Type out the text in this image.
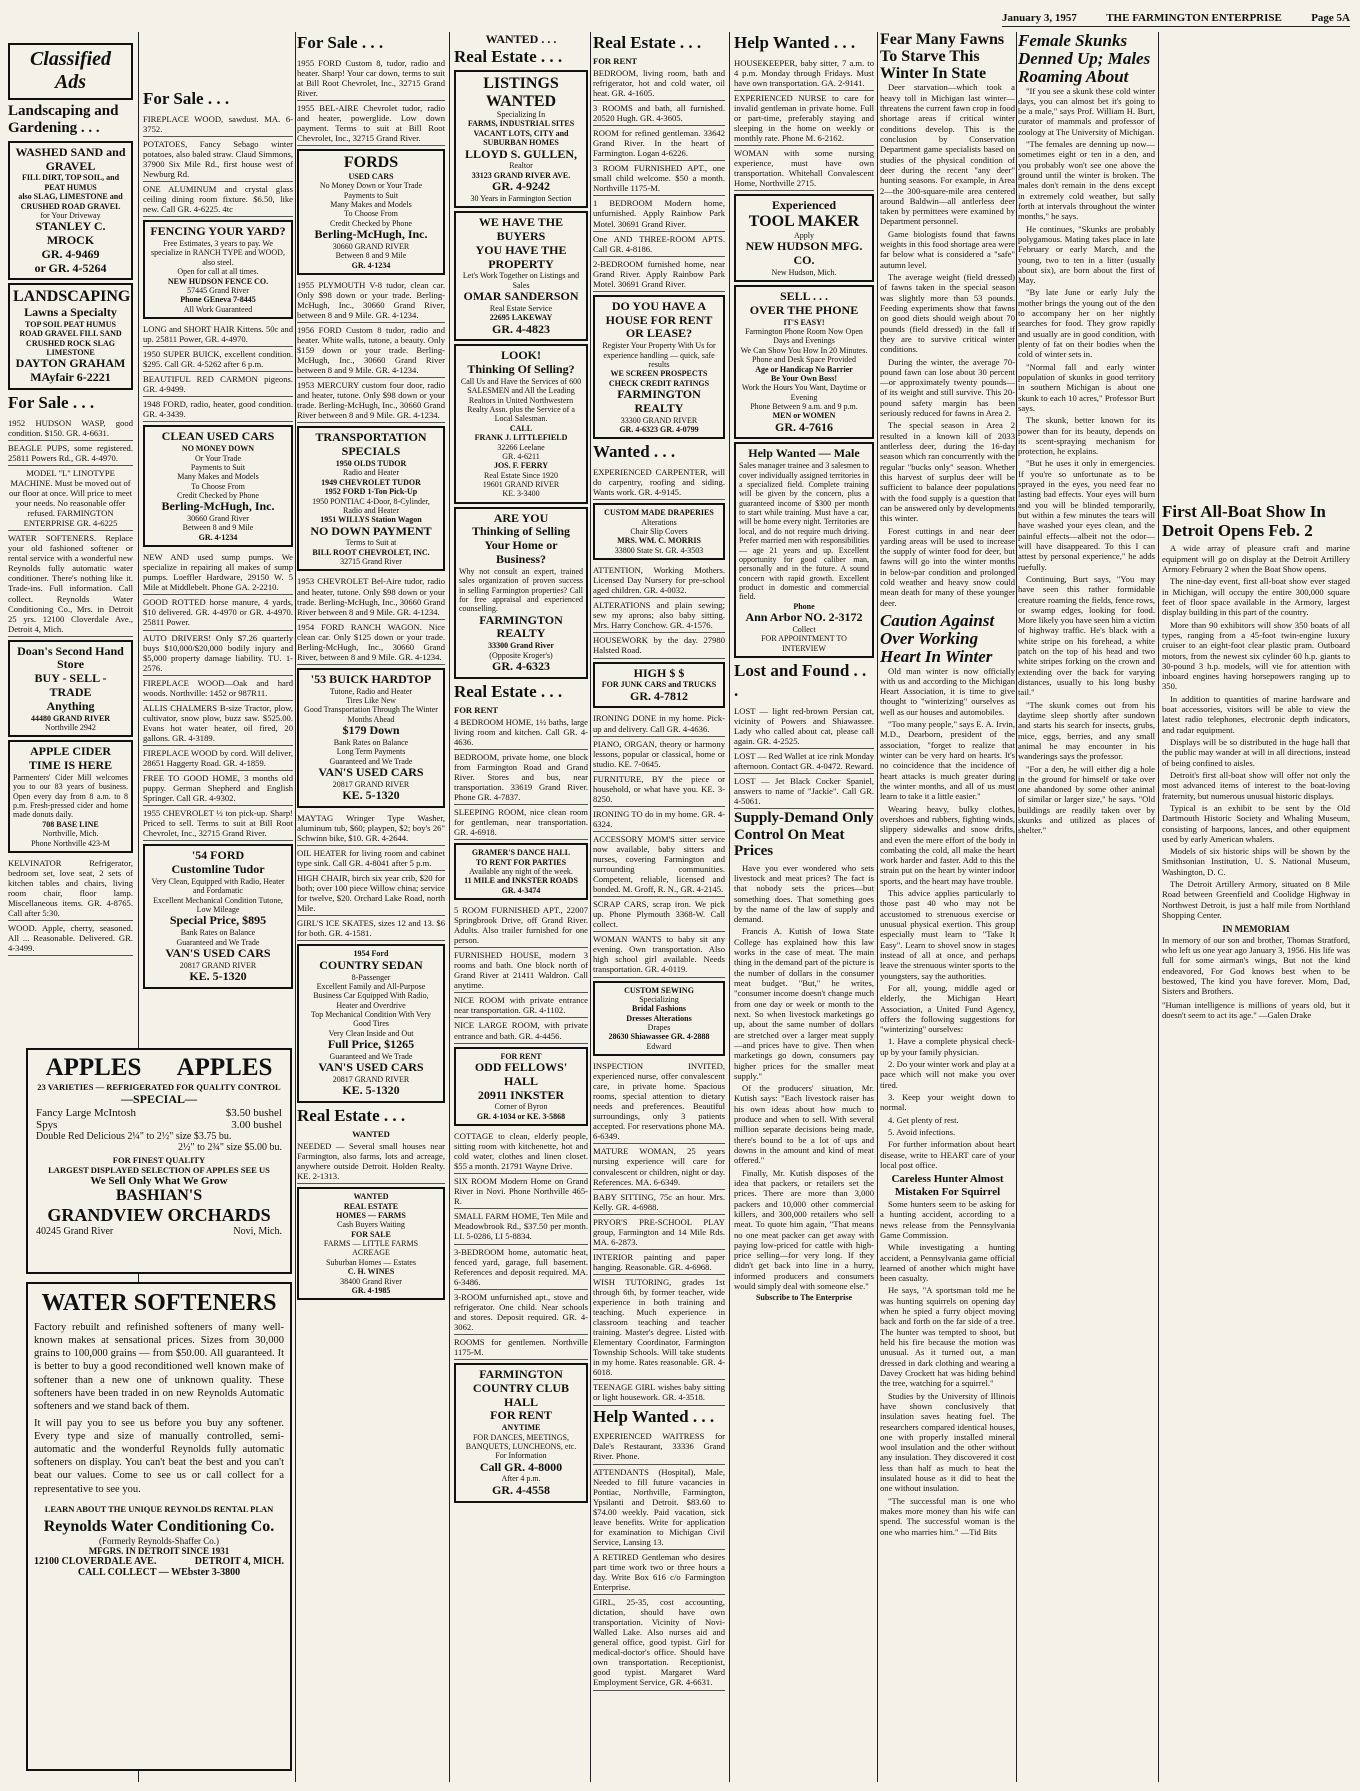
January 3, 1957	THE FARMINGTON ENTERPRISE	Page 5A
Classified Ads
Landscaping and Gardening . . .
WASHED SAND and GRAVEL
FILL DIRT, TOP SOIL, and PEAT HUMUS
also SLAG, LIMESTONE and CRUSHED ROAD GRAVEL
for Your Driveway
STANLEY C. MROCK
GR. 4-9469
or GR. 4-5264
LANDSCAPING
Lawns a Specialty
TOP SOIL PEAT HUMUS
ROAD GRAVEL FILL SAND
CRUSHED ROCK SLAG
LIMESTONE
DAYTON GRAHAM
MAyfair 6-2221
For Sale . . .
1952 HUDSON WASP, good condition. $150. GR. 4-6631.
BEAGLE PUPS, some registered. 25811 Powers Rd., GR. 4-4970.
MODEL "L" LINOTYPE MACHINE. Must be moved out of our floor at once. Will price to meet your needs. No reasonable offer refused. FARMINGTON ENTERPRISE GR. 4-6225
WATER SOFTENERS. Replace your old fashioned softener or rental service with a wonderful new Reynolds fully automatic water conditioner. There's nothing like it. Trade-ins. Full information. Call collect. Reynolds Water Conditioning Co., Mrs. in Detroit 25 yrs. 12100 Cloverdale Ave., Detroit 4, Mich.
Doan's Second Hand Store
BUY - SELL - TRADE
Anything
44480 GRAND RIVER
Northville 2942
APPLE CIDER TIME IS HERE
Parmenters' Cider Mill welcomes you to our 83 years of business. Open every day from 8 a.m. to 8 p.m. Fresh-pressed cider and home made donuts daily.
708 BASE LINE
Northville, Mich.
Phone Northville 423-M
KELVINATOR Refrigerator, bedroom set, love seat, 2 sets of kitchen tables and chairs, living room chair, floor lamp. Miscellaneous items. GR. 4-8765. Call after 5:30.
WOOD. Apple, cherry, seasoned. All ... Reasonable. Delivered. GR. 4-3499.
For Sale . . .
FIREPLACE WOOD, sawdust. MA. 6-3752.
POTATOES, Fancy Sebago winter potatoes, also baled straw. Claud Simmons, 37900 Six Mile Rd., first house west of Newburg Rd.
ONE ALUMINUM and crystal glass ceiling dining room fixture. $6.50, like new. Call GR. 4-6225. 4tc
FENCING YOUR YARD?
Free Estimates, 3 years to pay. We specialize in RANCH TYPE and WOOD, also steel.
Open for call at all times.
NEW HUDSON FENCE CO.
57445 Grand River
Phone GEneva 7-8445
All Work Guaranteed
LONG and SHORT HAIR Kittens. 50c and up. 25811 Power, GR. 4-4970.
1950 SUPER BUICK, excellent condition. $295. Call GR. 4-5262 after 6 p.m.
BEAUTIFUL RED CARMON pigeons. GR. 4-9499.
1948 FORD, radio, heater, good condition. GR. 4-3439.
CLEAN USED CARS
NO MONEY DOWN
Or Your Trade
Payments to Suit
Many Makes and Models
To Choose From
Credit Checked by Phone
Berling-McHugh, Inc.
30660 Grand River
Between 8 and 9 Mile
GR. 4-1234
NEW AND used sump pumps. We specialize in repairing all makes of sump pumps. Loeffler Hardware, 29150 W. 5 Mile at Middlebelt. Phone GA. 2-2210.
GOOD ROTTED horse manure, 4 yards, $10 delivered. GR. 4-4970 or GR. 4-4970. 25811 Power.
AUTO DRIVERS! Only $7.26 quarterly buys $10,000/$20,000 bodily injury and $5,000 property damage liability. TU. 1-2576.
FIREPLACE WOOD—Oak and hard woods. Northville: 1452 or 987R11.
ALLIS CHALMERS B-size Tractor, plow, cultivator, snow plow, buzz saw. $525.00. Evans hot water heater, oil fired, 20 gallons. GR. 4-3189.
FIREPLACE WOOD by cord. Will deliver, 28651 Haggerty Road. GR. 4-1859.
FREE TO GOOD HOME, 3 months old puppy. German Shepherd and English Springer. Call GR. 4-9302.
1955 CHEVROLET ½ ton pick-up. Sharp! Priced to sell. Terms to suit at Bill Root Chevrolet, Inc., 32715 Grand River.
'54 FORD
Customline Tudor
Very Clean, Equipped with Radio, Heater and Fordamatic
Excellent Mechanical Condition Tutone, Low Mileage
Special Price, $895
Bank Rates on Balance
Guaranteed and We Trade
VAN'S USED CARS
20817 GRAND RIVER
KE. 5-1320
For Sale . . .
1955 FORD Custom 8, tudor, radio and heater. Sharp! Your car down, terms to suit at Bill Root Chevrolet, Inc., 32715 Grand River.
1955 BEL-AIRE Chevrolet tudor, radio and heater, powerglide. Low down payment. Terms to suit at Bill Root Chevrolet, Inc., 32715 Grand River.
FORDS
USED CARS
No Money Down or Your Trade
Payments to Suit
Many Makes and Models
To Choose From
Credit Checked by Phone
Berling-McHugh, Inc.
30660 GRAND RIVER
Between 8 and 9 Mile
GR. 4-1234
1955 PLYMOUTH V-8 tudor, clean car. Only $98 down or your trade. Berling-McHugh, Inc., 30660 Grand River, between 8 and 9 Mile. GR. 4-1234.
1956 FORD Custom 8 tudor, radio and heater. White walls, tutone, a beauty. Only $159 down or your trade. Berling-McHugh, Inc., 30660 Grand River between 8 and 9 Mile. GR. 4-1234.
1953 MERCURY custom four door, radio and heater, tutone. Only $98 down or your trade. Berling-McHugh, Inc., 30660 Grand River between 8 and 9 Mile. GR. 4-1234.
TRANSPORTATION SPECIALS
1950 OLDS TUDOR
Radio and Heater
1949 CHEVROLET TUDOR
1952 FORD 1-Ton Pick-Up
1950 PONTIAC 4-Door, 8-Cylinder, Radio and Heater
1951 WILLYS Station Wagon
NO DOWN PAYMENT
Terms to Suit at
BILL ROOT CHEVROLET, INC.
32715 Grand River
1953 CHEVROLET Bel-Aire tudor, radio and heater, tutone. Only $98 down or your trade. Berling-McHugh, Inc., 30660 Grand River between 8 and 9 Mile. GR. 4-1234.
1954 FORD RANCH WAGON. Nice clean car. Only $125 down or your trade. Berling-McHugh, Inc., 30660 Grand River, between 8 and 9 Mile. GR. 4-1234.
'53 BUICK HARDTOP
Tutone, Radio and Heater
Tires Like New
Good Transportation Through The Winter Months Ahead
$179 Down
Bank Rates on Balance
Long Term Payments
Guaranteed and We Trade
VAN'S USED CARS
20817 GRAND RIVER
KE. 5-1320
MAYTAG Wringer Type Washer, aluminum tub, $60; playpen, $2; boy's 26" Schwinn bike, $10. GR. 4-2644.
OIL HEATER for living room and cabinet type sink. Call GR. 4-8041 after 5 p.m.
HIGH CHAIR, birch six year crib, $20 for both; over 100 piece Willow china; service for twelve, $20. Orchard Lake Road, north Mile.
GIRL'S ICE SKATES, sizes 12 and 13. $6 for both. GR. 4-1581.
1954 Ford
COUNTRY SEDAN
8-Passenger
Excellent Family and All-Purpose Business Car Equipped With Radio, Heater and Overdrive
Top Mechanical Condition With Very Good Tires
Very Clean Inside and Out
Full Price, $1265
Guaranteed and We Trade
VAN'S USED CARS
20817 GRAND RIVER
KE. 5-1320
Real Estate . . .
WANTED
NEEDED — Several small houses near Farmington, also farms, lots and acreage, anywhere outside Detroit. Holden Realty. KE. 2-1313.
WANTED
REAL ESTATE
HOMES — FARMS
Cash Buyers Waiting
FOR SALE
FARMS — LITTLE FARMS
ACREAGE
Suburban Homes — Estates
C. H. WINES
38400 Grand River
GR. 4-1985
WANTED . . .
Real Estate . . .
LISTINGS WANTED
Specializing In
FARMS, INDUSTRIAL SITES
VACANT LOTS, CITY and SUBURBAN HOMES
LLOYD S. GULLEN,
Realtor
33123 GRAND RIVER AVE.
GR. 4-9242
30 Years in Farmington Section
WE HAVE THE BUYERS
YOU HAVE THE PROPERTY
Let's Work Together on Listings and Sales
OMAR SANDERSON
Real Estate Service
22695 LAKEWAY
GR. 4-4823
LOOK!
Thinking Of Selling?
Call Us and Have the Services of 600 SALESMEN and All the Leading Realtors in United Northwestern Realty Assn. plus the Service of a Local Salesman.
CALL
FRANK J. LITTLEFIELD
32266 Leelane
GR. 4-6211
JOS. F. FERRY
Real Estate Since 1920
19601 GRAND RIVER
KE. 3-3400
ARE YOU
Thinking of Selling
Your Home or Business?
Why not consult an expert, trained sales organization of proven success in selling Farmington properties? Call for free appraisal and experienced counselling.
FARMINGTON REALTY
33300 Grand River
(Opposite Kroger's)
GR. 4-6323
Real Estate . . .
FOR RENT
4 BEDROOM HOME, 1½ baths, large living room and kitchen. Call GR. 4-4636.
BEDROOM, private home, one block from Farmington Road and Grand River. Stores and bus, near transportation. 33619 Grand River. Phone GR. 4-7837.
SLEEPING ROOM, nice clean room for gentleman, near transportation. GR. 4-6918.
GRAMER'S DANCE HALL
TO RENT FOR PARTIES
Available any night of the week.
11 MILE and INKSTER ROADS
GR. 4-3474
5 ROOM FURNISHED APT., 22007 Springbrook Drive, off Grand River. Adults. Also trailer furnished for one person.
FURNISHED HOUSE, modern 3 rooms and bath. One block north of Grand River at 21411 Waldron. Call anytime.
NICE ROOM with private entrance near transportation. GR. 4-1102.
NICE LARGE ROOM, with private entrance and bath. GR. 4-4456.
FOR RENT
ODD FELLOWS' HALL
20911 INKSTER
Corner of Byron
GR. 4-1034 or KE. 3-5868
COTTAGE to clean, elderly people, sitting room with kitchenette, hot and cold water, clothes and linen closet. $55 a month. 21791 Wayne Drive.
SIX ROOM Modern Home on Grand River in Novi. Phone Northville 465-R.
SMALL FARM HOME, Ten Mile and Meadowbrook Rd., $37.50 per month. LI. 5-0286, LI 5-8834.
3-BEDROOM home, automatic heat, fenced yard, garage, full basement. References and deposit required. MA. 6-3486.
3-ROOM unfurnished apt., stove and refrigerator. One child. Near schools and stores. Deposit required. GR. 4-3062.
ROOMS for gentlemen. Northville 1175-M.
FARMINGTON COUNTRY CLUB HALL
FOR RENT
ANYTIME
FOR DANCES, MEETINGS, BANQUETS, LUNCHEONS, etc.
For Information
Call GR. 4-8000
After 4 p.m.
GR. 4-4558
Real Estate . . .
FOR RENT
BEDROOM, living room, bath and refrigerator, hot and cold water, oil heat. GR. 4-1605.
3 ROOMS and bath, all furnished. 20520 Hugh. GR. 4-3605.
ROOM for refined gentleman. 33642 Grand River. In the heart of Farmington. Logan 4-6226.
3 ROOM FURNISHED APT., one small child welcome. $50 a month. Northville 1175-M.
1 BEDROOM Modern home, unfurnished. Apply Rainbow Park Motel. 30691 Grand River.
One AND THREE-ROOM APTS. Call GR. 4-8186.
2-BEDROOM furnished home, near Grand River. Apply Rainbow Park Motel. 30691 Grand River.
DO YOU HAVE A HOUSE FOR RENT OR LEASE?
Register Your Property With Us for experience handling — quick, safe results
WE SCREEN PROSPECTS
CHECK CREDIT RATINGS
FARMINGTON REALTY
33300 GRAND RIVER
GR. 4-6323 GR. 4-0799
Wanted . . .
EXPERIENCED CARPENTER, will do carpentry, roofing and siding. Wants work. GR. 4-9145.
CUSTOM MADE DRAPERIES
Alterations
Chair Slip Covers
MRS. WM. C. MORRIS
33800 State St. GR. 4-3503
ATTENTION, Working Mothers. Licensed Day Nursery for pre-school aged children. GR. 4-0032.
ALTERATIONS and plain sewing; sew my aprons; also baby sitting. Mrs. Harry Conchow. GR. 4-1576.
HOUSEWORK by the day. 27980 Halsted Road.
HIGH $ $
FOR JUNK CARS and TRUCKS
GR. 4-7812
IRONING DONE in my home. Pick-up and delivery. Call GR. 4-4636.
PIANO, ORGAN, theory or harmony lessons, popular or classical, home or studio. KE. 7-0645.
FURNITURE, BY the piece or household, or what have you. KE. 3-8250.
IRONING TO do in my home. GR. 4-6324.
ACCESSORY MOM'S sitter service now available, baby sitters and nurses, covering Farmington and surrounding communities. Competent, reliable, licensed and bonded. M. Groff, R. N., GR. 4-2145.
SCRAP CARS, scrap iron. We pick up. Phone Plymouth 3368-W. Call collect.
WOMAN WANTS to baby sit any evening. Own transportation. Also high school girl available. Needs transportation. GR. 4-0119.
CUSTOM SEWING
Specializing
Bridal Fashions
Dresses Alterations
Drapes
28630 Shiawassee GR. 4-2888
Edward
INSPECTION INVITED, experienced nurse, offer convalescent care, in private home. Spacious rooms, special attention to dietary needs and preferences. Beautiful surroundings, only 3 patients accepted. For reservations phone MA. 6-6349.
MATURE WOMAN, 25 years nursing experience will care for convalescent or children, night or day. References. MA. 6-6349.
BABY SITTING, 75c an hour. Mrs. Kelly. GR. 4-6988.
PRYOR'S PRE-SCHOOL PLAY group, Farmington and 14 Mile Rds. MA. 6-2873.
INTERIOR painting and paper hanging. Reasonable. GR. 4-6968.
WISH TUTORING, grades 1st through 6th, by former teacher, wide experience in both training and teaching. Much experience in classroom teaching and teacher training. Master's degree. Listed with Elementary Coordinator, Farmington Township Schools. Will take students in my home. Rates reasonable. GR. 4-6018.
TEENAGE GIRL wishes baby sitting or light housework. GR. 4-3518.
Help Wanted . . .
EXPERIENCED WAITRESS for Dale's Restaurant, 33336 Grand River. Phone.
ATTENDANTS (Hospital), Male, Needed to fill future vacancies in Pontiac, Northville, Farmington, Ypsilanti and Detroit. $83.60 to $74.00 weekly. Paid vacation, sick leave benefits. Write for application for examination to Michigan Civil Service, Lansing 13.
A RETIRED Gentleman who desires part time work two or three hours a day. Write Box 616 c/o Farmington Enterprise.
GIRL, 25-35, cost accounting, dictation, should have own transportation. Vicinity of Novi-Walled Lake. Also nurses aid and general office, good typist. Girl for medical-doctor's office. Should have own transportation. Receptionist, good typist. Margaret Ward Employment Service, GR. 4-6631.
Help Wanted . . .
HOUSEKEEPER, baby sitter, 7 a.m. to 4 p.m. Monday through Fridays. Must have own transportation. GA. 2-9141.
EXPERIENCED NURSE to care for invalid gentleman in private home. Full or part-time, preferably staying and sleeping in the home on weekly or monthly rate. Phone M. 6-2162.
WOMAN with some nursing experience, must have own transportation. Whitehall Convalescent Home, Northville 2715.
Experienced
TOOL MAKER
Apply
NEW HUDSON MFG. CO.
New Hudson, Mich.
SELL . . .
OVER THE PHONE
IT'S EASY!
Farmington Phone Room Now Open Days and Evenings
We Can Show You How In 20 Minutes.
Phone and Desk Space Provided
Age or Handicap No Barrier
Be Your Own Boss!
Work the Hours You Want, Daytime or Evening
Phone Between 9 a.m. and 9 p.m.
MEN or WOMEN
GR. 4-7616
Help Wanted — Male
Sales manager trainee and 3 salesmen to cover individually assigned territories in a specialized field. Complete training will be given by the concern, plus a guaranteed income of $300 per month to start while training. Must have a car, will be home every night. Territories are local, and do not require much driving. Prefer married men with responsibilities — age 21 years and up. Excellent opportunity for good caliber man, personally and in the future. A sound concern with rapid growth. Excellent product in domestic and commercial field.
Phone
Ann Arbor NO. 2-3172
Collect
FOR APPOINTMENT TO INTERVIEW
Lost and Found . . .
LOST — light red-brown Persian cat, vicinity of Powers and Shiawassee. Lady who called about cat, please call again. GR. 4-2525.
LOST — Red Wallet at ice rink Monday afternoon. Contact GR. 4-0472. Reward.
LOST — Jet Black Cocker Spaniel, answers to name of "Jackie". Call GR. 4-5061.
Supply-Demand Only Control On Meat Prices

Have you ever wondered who sets livestock and meat prices? The fact is that nobody sets the prices—but something does. That something goes by the name of the law of supply and demand.

Francis A. Kutish of Iowa State College has explained how this law works in the case of meat. The main thing in the demand part of the picture is the number of dollars in the consumer meat budget. "But," he writes, "consumer income doesn't change much from one day or week or month to the next. So when livestock marketings go up, about the same number of dollars are stretched over a larger meat supply—and prices have to give. Then when marketings go down, consumers pay higher prices for the smaller meat supply."

Of the producers' situation, Mr. Kutish says: "Each livestock raiser has his own ideas about how much to produce and when to sell. With several million separate decisions being made, there's bound to be a lot of ups and downs in the amount and kind of meat offered."

Finally, Mr. Kutish disposes of the idea that packers, or retailers set the prices. There are more than 3,000 packers and 10,000 other commercial killers, and 300,000 retailers who sell meat. To quote him again, "That means no one meat packer can get away with paying low-priced for cattle with high-price selling—for very long. If they didn't get back into line in a hurry, informed producers and consumers would simply deal with someone else."

Subscribe to The Enterprise
Fear Many Fawns To Starve This Winter In State

Deer starvation—which took a heavy toll in Michigan last winter—threatens the current fawn crop in food shortage areas if critical winter conditions develop. This is the conclusion by Conservation Department game specialists based on studies of the physical condition of deer during the recent "any deer" hunting seasons. For example, in Area 2—the 300-square-mile area centered around Baldwin—all antlerless deer taken by permittees were examined by Department personnel.

Game biologists found that fawns weights in this food shortage area were far below what is considered a "safe" autumn level.

The average weight (field dressed) of fawns taken in the special season was slightly more than 53 pounds. Feeding experiments show that fawns on good diets should weigh about 70 pounds (field dressed) in the fall if they are to survive critical winter conditions.

During the winter, the average 70-pound fawn can lose about 30 percent—or approximately twenty pounds—of its weight and still survive. This 20-pound safety margin has been seriously reduced for fawns in Area 2.

The special season in Area 2 resulted in a known kill of 2033 antlerless deer, during the 16-day season which ran concurrently with the regular "bucks only" season. Whether this harvest of surplus deer will be sufficient to balance deer populations with the food supply is a question that can be answered only by developments this winter.

Forest cuttings in and near deer yarding areas will be used to increase the supply of winter food for deer, but fawns will go into the winter months in below-par condition and prolonged cold weather and heavy snow could mean death for many of these younger deer.

Caution Against Over Working Heart In Winter

Old man winter is now officially with us and according to the Michigan Heart Association, it is time to give thought to "winterizing" ourselves as well as our houses and automobiles.

"Too many people," says E. A. Irvin, M.D., Dearborn, president of the association, "forget to realize that winter can be very hard on hearts. It's no coincidence that the incidence of heart attacks is much greater during the winter months, and all of us must learn to take it a little easier."

Wearing heavy, bulky clothes, overshoes and rubbers, fighting winds, slippery sidewalks and snow drifts, and even the mere effort of the body in combating the cold, all make the heart work harder and faster. Add to this the strain put on the heart by winter indoor sports, and the heart may have trouble.

This advice applies particularly to those past 40 who may not be accustomed to strenuous exercise or unusual physical exertion. This group especially must learn to "Take It Easy". Learn to shovel snow in stages instead of all at once, and perhaps leave the strenuous winter sports to the youngsters, say the authorities.

For all, young, middle aged or elderly, the Michigan Heart Association, a United Fund Agency, offers the following suggestions for "winterizing" ourselves:

1. Have a complete physical check-up by your family physician.

2. Do your winter work and play at a pace which will not make you over tired.

3. Keep your weight down to normal.

4. Get plenty of rest.

5. Avoid infections.

For further information about heart disease, write to HEART care of your local post office.

Careless Hunter Almost Mistaken For Squirrel

Some hunters seem to be asking for a hunting accident, according to a news release from the Pennsylvania Game Commission.

While investigating a hunting accident, a Pennsylvania game official learned of another which might have been casualty.

He says, "A sportsman told me he was hunting squirrels on opening day when he spied a furry object moving back and forth on the far side of a tree. The hunter was tempted to shoot, but held his fire because the motion was unusual. As it turned out, a man dressed in dark clothing and wearing a Davey Crockett hat was hiding behind the tree, watching for a squirrel."

Studies by the University of Illinois have shown conclusively that insulation saves heating fuel. The researchers compared identical houses, one with properly installed mineral wool insulation and the other without any insulation. They discovered it cost less than half as much to heat the insulated house as it did to heat the one without insulation.

"The successful man is one who makes more money than his wife can spend. The successful woman is the one who marries him." —Tid Bits

Female Skunks Denned Up; Males Roaming About

"If you see a skunk these cold winter days, you can almost bet it's going to be a male," says Prof. William H. Burt, curator of mammals and professor of zoology at The University of Michigan.

"The females are denning up now—sometimes eight or ten in a den, and you probably won't see one above the ground until the winter is broken. The males don't remain in the dens except in extremely cold weather, but sally forth at intervals throughout the winter months," he says.

He continues, "Skunks are probably polygamous. Mating takes place in late February or early March, and the young, two to ten in a litter (usually about six), are born about the first of May.

"By late June or early July the mother brings the young out of the den to accompany her on her nightly searches for food. They grow rapidly and usually are in good condition, with plenty of fat on their bodies when the cold of winter sets in.

"Normal fall and early winter population of skunks in good territory in southern Michigan is about one skunk to each 10 acres," Professor Burt says.

The skunk, better known for its power than for its beauty, depends on its scent-spraying mechanism for protection, he explains.

"But he uses it only in emergencies. If you're so unfortunate as to be sprayed in the eyes, you need fear no lasting bad effects. Your eyes will burn and you will be blinded temporarily, but within a few minutes the tears will have washed your eyes clean, and the painful effects—albeit not the odor—will have disappeared. To this I can attest by personal experience," he adds ruefully.

Continuing, Burt says, "You may have seen this rather formidable creature roaming the fields, fence rows, or swamp edges, looking for food. More likely you have seen him a victim of highway traffic. He's black with a white stripe on his forehead, a white patch on the top of his head and two white stripes forking on the crown and extending over the back for varying distances, usually to his long bushy tail."

"The skunk comes out from his daytime sleep shortly after sundown and starts his search for insects, grubs, mice, eggs, berries, and any small animal he may encounter in his wanderings says the professor.

"For a den, he will either dig a hole in the ground for himself or take over one abandoned by some other animal of similar or larger size," he says. "Old buildings are readily taken over by skunks and utilized as places of shelter."

First All-Boat Show In Detroit Opens Feb. 2

A wide array of pleasure craft and marine equipment will go on display at the Detroit Artillery Armory February 2 when the Boat Show opens.

The nine-day event, first all-boat show ever staged in Michigan, will occupy the entire 300,000 square feet of floor space available in the Armory, largest display building in this part of the country.

More than 90 exhibitors will show 350 boats of all types, ranging from a 45-foot twin-engine luxury cruiser to an eight-foot clear plastic pram. Outboard motors, from the newest six cylinder 60 h.p. giants to 30-pound 3 h.p. models, will vie for attention with inboard engines having horsepowers ranging up to 350.

In addition to quantities of marine hardware and boat accessories, visitors will be able to view the latest radio telephones, electronic depth indicators, and radar equipment.

Displays will be so distributed in the huge hall that the public may wander at will in all directions, instead of being confined to aisles.

Detroit's first all-boat show will offer not only the most advanced items of interest to the boat-loving fraternity, but numerous unusual historic displays.

Typical is an exhibit to be sent by the Old Dartmouth Historic Society and Whaling Museum, consisting of harpoons, lances, and other equipment used by early American whalers.

Models of six historic ships will be shown by the Smithsonian Institution, U. S. National Museum, Washington, D. C.

The Detroit Artillery Armory, situated on 8 Mile Road between Greenfield and Coolidge Highway in Northwest Detroit, is just a half mile from Northland Shopping Center.

IN MEMORIAM
In memory of our son and brother, Thomas Stratford, who left us one year ago January 3, 1956. His life was full for some airman's wings, But not the kind endeavored, For God knows best when to be bestowed, The kind you have forever. Mom, Dad, Sisters and Brothers.
"Human intelligence is millions of years old, but it doesn't seem to act its age." —Galen Drake
APPLES APPLES
23 VARIETIES — REFRIGERATED FOR QUALITY CONTROL
—SPECIAL—
Fancy Large McIntosh	$3.50 bushel
Spys	3.00 bushel
Double Red Delicious 2¼" to 2½" size $3.75 bu.
2½" to 2¾" size $5.00 bu.
FOR FINEST QUALITY
LARGEST DISPLAYED SELECTION OF APPLES SEE US
We Sell Only What We Grow
BASHIAN'S
GRANDVIEW ORCHARDS
40245 Grand River	Novi, Mich.
WATER SOFTENERS
Factory rebuilt and refinished softeners of many well-known makes at sensational prices. Sizes from 30,000 grains to 100,000 grains — from $50.00. All guaranteed. It is better to buy a good reconditioned well known make of softener than a new one of unknown quality. These softeners have been traded in on new Reynolds Automatic softeners and we stand back of them.
It will pay you to see us before you buy any softener. Every type and size of manually controlled, semi-automatic and the wonderful Reynolds fully automatic softeners on display. You can't beat the best and you can't beat our values. Come to see us or call collect for a representative to see you.
LEARN ABOUT THE UNIQUE REYNOLDS RENTAL PLAN
Reynolds Water Conditioning Co.
(Formerly Reynolds-Shaffer Co.)
MFGRS. IN DETROIT SINCE 1931
12100 CLOVERDALE AVE.	DETROIT 4, MICH.
CALL COLLECT — WEbster 3-3800
